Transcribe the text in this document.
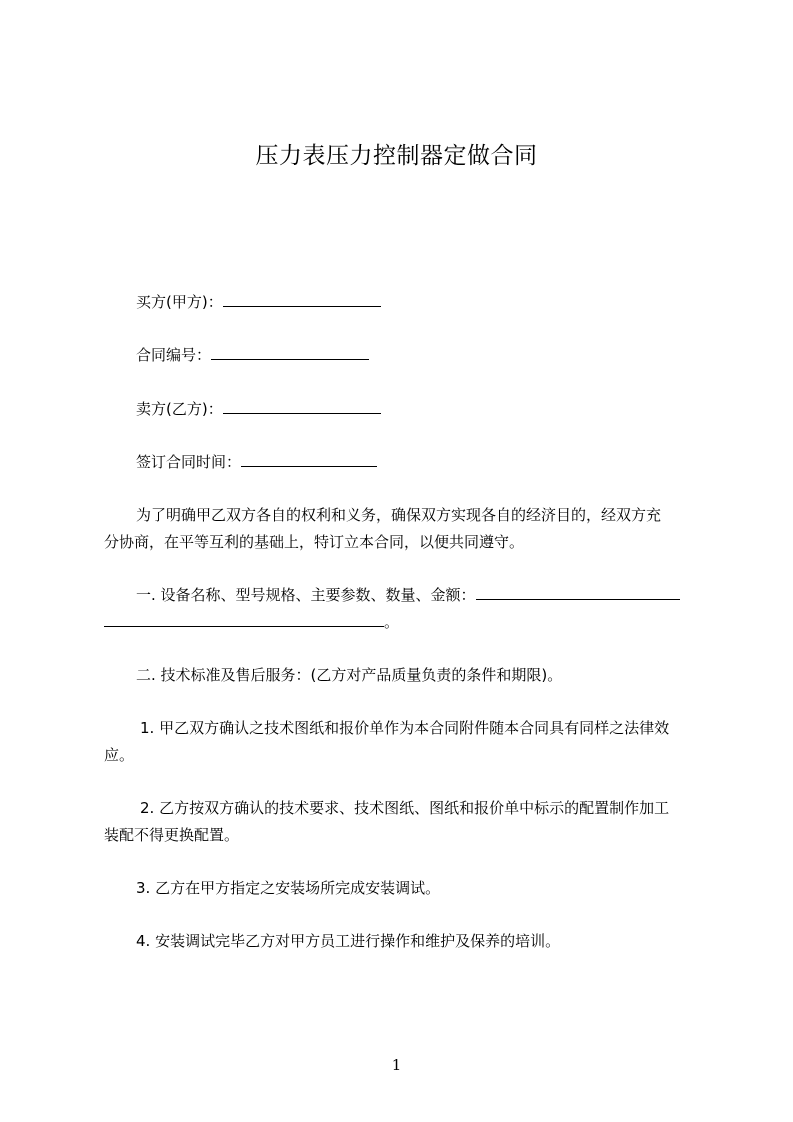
压力表压力控制器定做合同
买方(甲方)：
合同编号：
卖方(乙方)：
签订合同时间：
为了明确甲乙双方各自的权利和义务，确保双方实现各自的经济目的，经双方充
分协商，在平等互利的基础上，特订立本合同，以便共同遵守。
一. 设备名称、型号规格、主要参数、数量、金额：
。
二. 技术标准及售后服务：(乙方对产品质量负责的条件和期限)。
1. 甲乙双方确认之技术图纸和报价单作为本合同附件随本合同具有同样之法律效
应。
2. 乙方按双方确认的技术要求、技术图纸、图纸和报价单中标示的配置制作加工
装配不得更换配置。
3. 乙方在甲方指定之安装场所完成安装调试。
4. 安装调试完毕乙方对甲方员工进行操作和维护及保养的培训。
1
